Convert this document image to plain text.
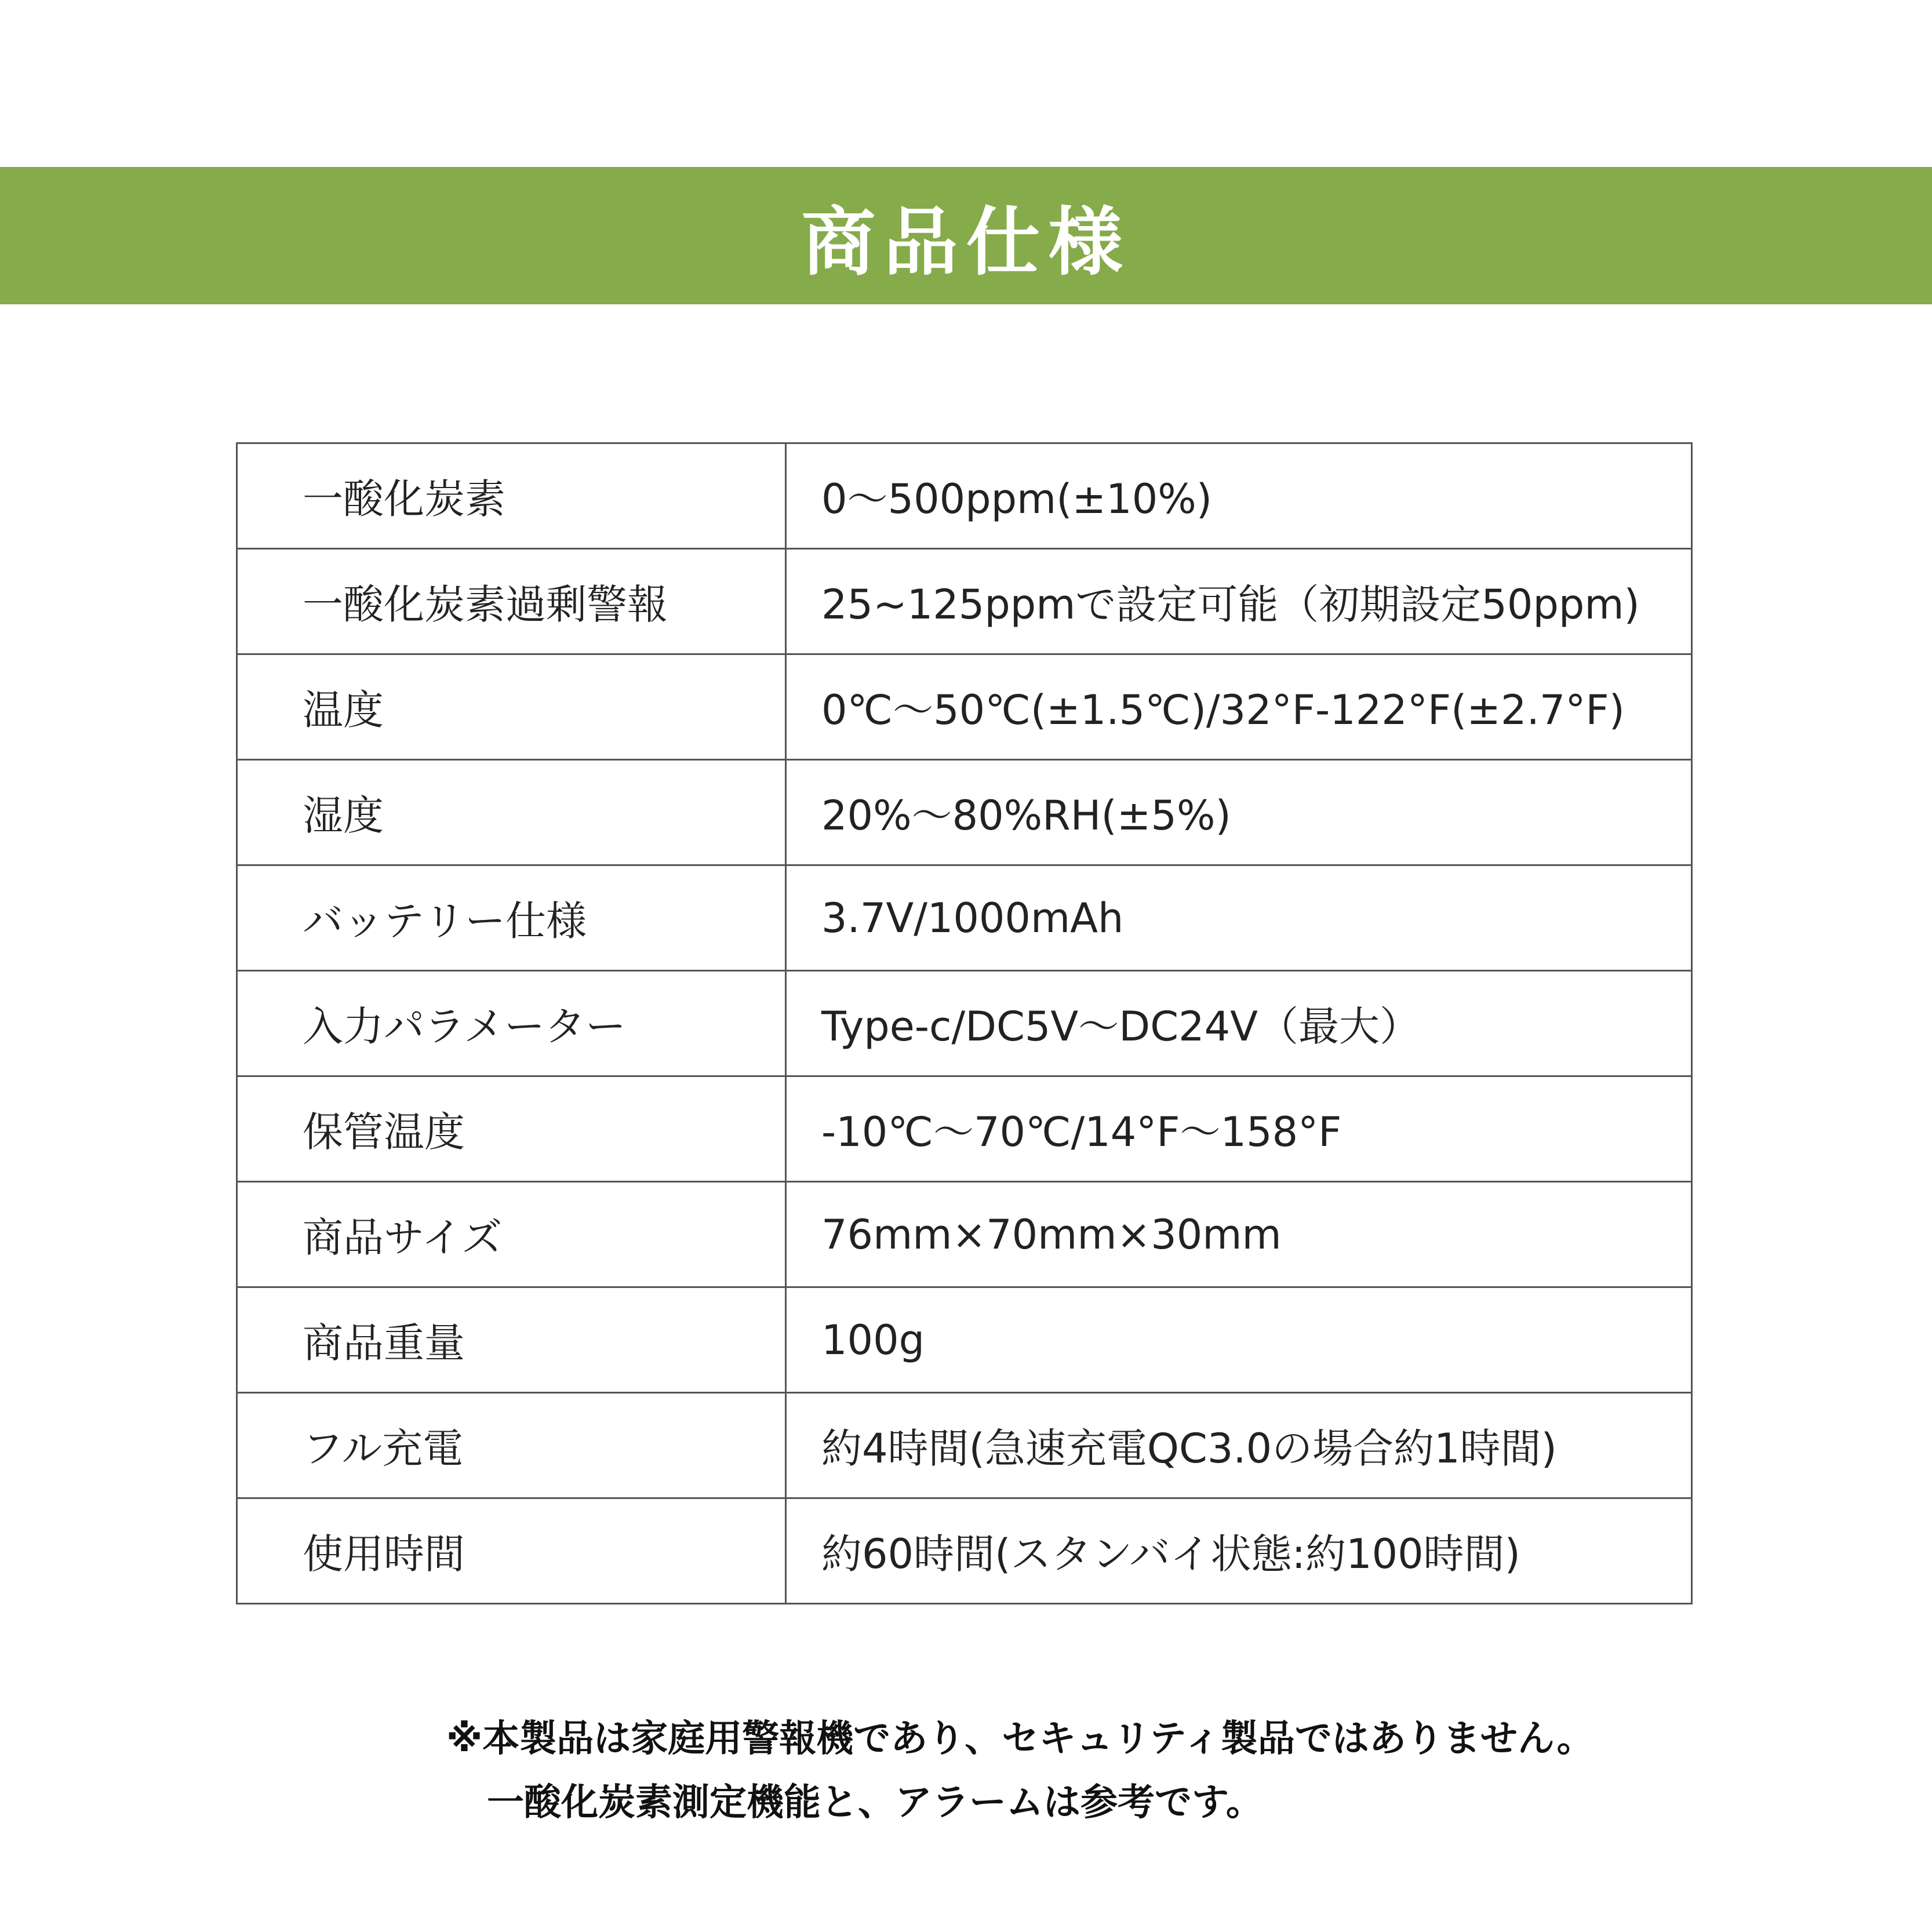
商品仕様
一酸化炭素	0〜500ppm(±10%)
一酸化炭素過剰警報	25~125ppmで設定可能（初期設定50ppm)
温度	0℃〜50℃(±1.5℃)/32°F-122°F(±2.7°F)
湿度	20%〜80%RH(±5%)
バッテリー仕様	3.7V/1000mAh
入力パラメーター	Type-c/DC5V〜DC24V（最大）
保管温度	-10℃〜70℃/14°F〜158°F
商品サイズ	76mm×70mm×30mm
商品重量	100g
フル充電	約4時間(急速充電QC3.0の場合約1時間)
使用時間	約60時間(スタンバイ状態:約100時間)
※本製品は家庭用警報機であり、セキュリティ製品ではありません。
一酸化炭素測定機能と、アラームは参考です。
